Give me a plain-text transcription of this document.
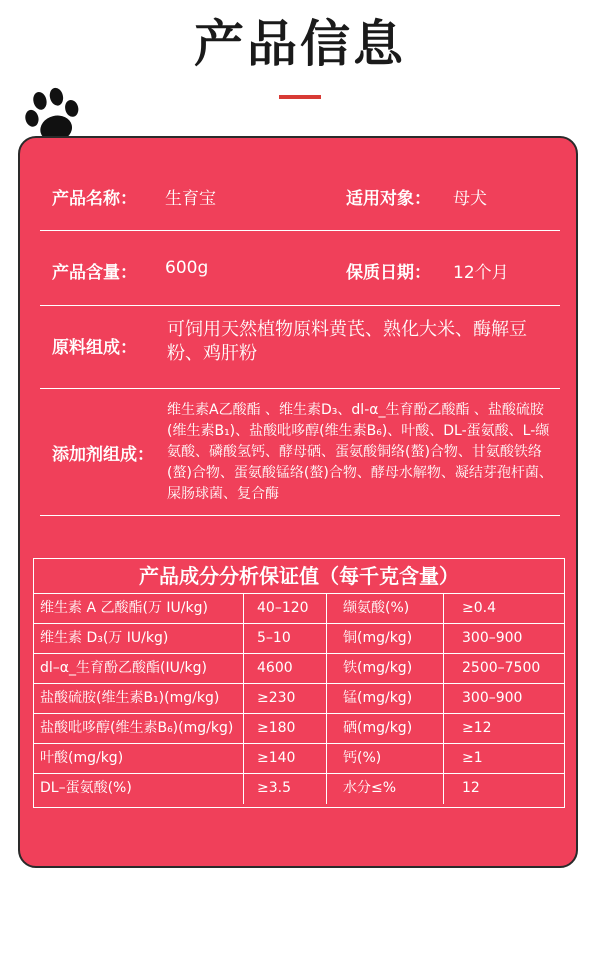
产品信息
产品名称： 生育宝	适用对象： 母犬
产品含量： 600g	保质日期： 12个月
原料组成：
可饲用天然植物原料黄芪、熟化大米、酶解豆粉、鸡肝粉
添加剂组成：
维生素A乙酸酯 、维生素D₃、dl-α_生育酚乙酸酯 、盐酸硫胺(维生素B₁)、盐酸吡哆醇(维生素B₆)、叶酸、DL-蛋氨酸、L-缬氨酸、磷酸氢钙、酵母硒、蛋氨酸铜络(螯)合物、甘氨酸铁络(螯)合物、蛋氨酸锰络(螯)合物、酵母水解物、凝结芽孢杆菌、屎肠球菌、复合酶
产品成分分析保证值（每千克含量）
维生素 A 乙酸酯(万 IU/kg)	40–120	缬氨酸(%)	≥0.4
维生素 D₃(万 IU/kg)	5–10	铜(mg/kg)	300–900
dl–α_生育酚乙酸酯(IU/kg)	4600	铁(mg/kg)	2500–7500
盐酸硫胺(维生素B₁)(mg/kg)	≥230	锰(mg/kg)	300–900
盐酸吡哆醇(维生素B₆)(mg/kg)	≥180	硒(mg/kg)	≥12
叶酸(mg/kg)	≥140	钙(%)	≥1
DL–蛋氨酸(%)	≥3.5	水分≤%	12
